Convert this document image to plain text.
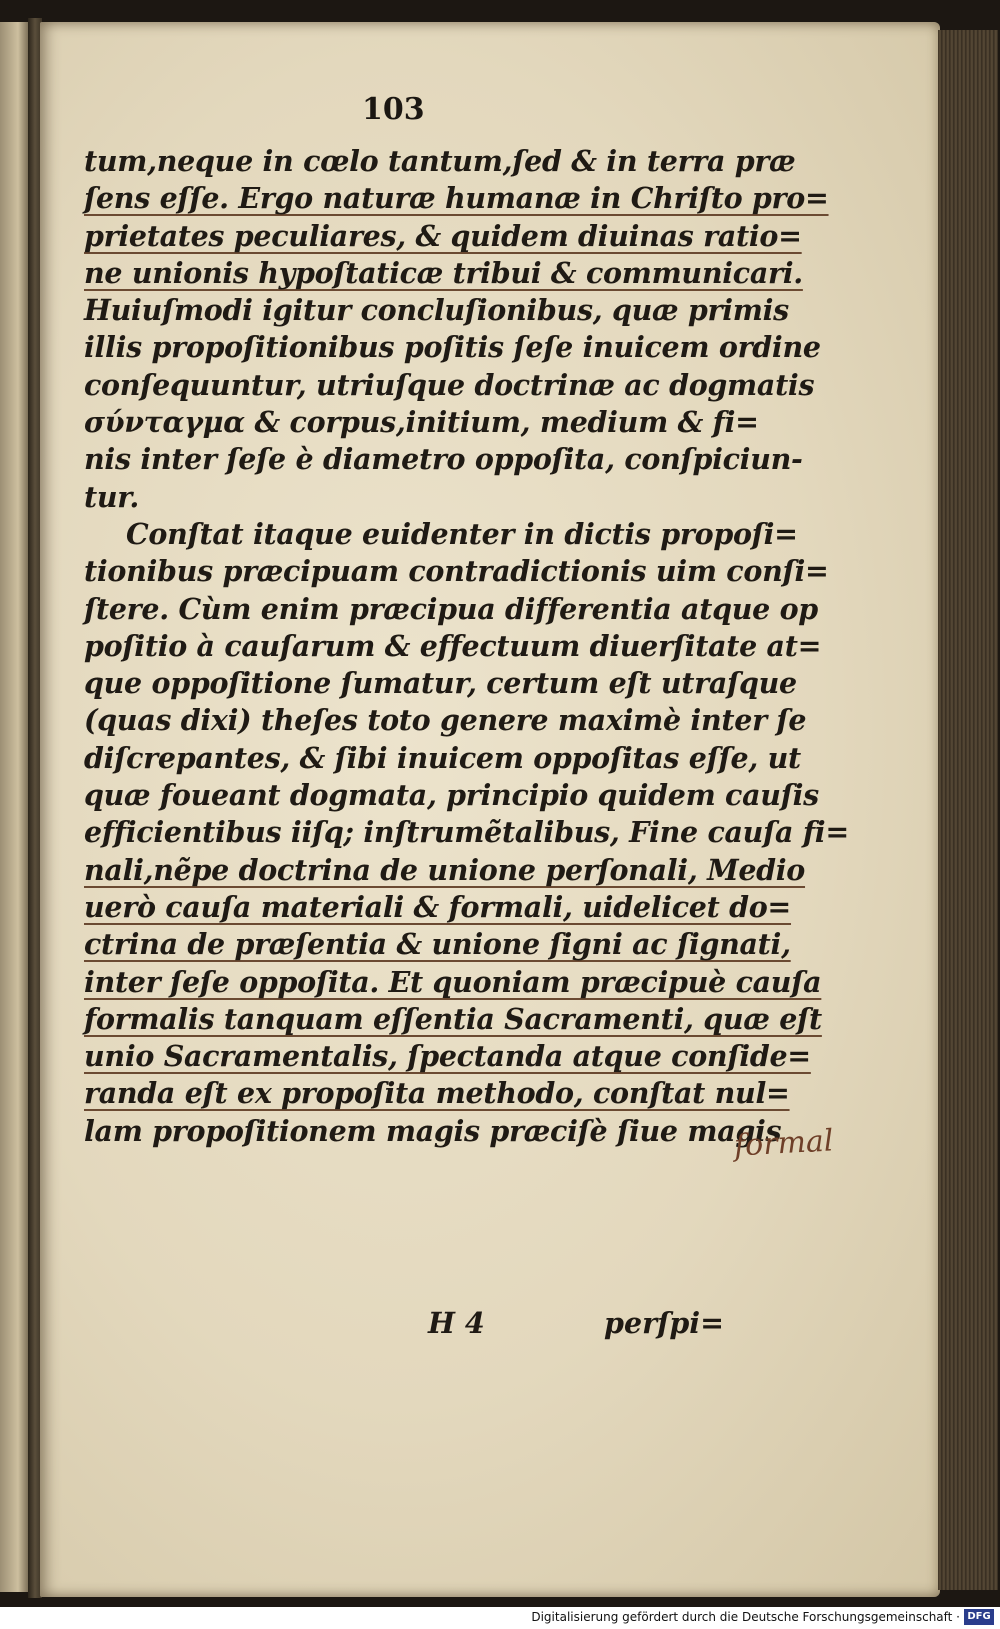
103
tum,neque in cœlo tantum,ſed & in terra præ
ſens eſſe. Ergo naturæ humanæ in Chriſto pro=
prietates peculiares, & quidem diuinas ratio=
ne unionis hypoſtaticæ tribui & communicari.
Huiuſmodi igitur concluſionibus, quæ primis
illis propoſitionibus poſitis ſeſe inuicem ordine
conſequuntur, utriuſque doctrinæ ac dogmatis
σύνταγμα & corpus,initium, medium & fi=
nis inter ſeſe è diametro oppoſita, conſpiciun-
tur.
Conſtat itaque euidenter in dictis propoſi=
tionibus præcipuam contradictionis uim conſi=
ſtere. Cùm enim præcipua differentia atque op
poſitio à cauſarum & effectuum diuerſitate at=
que oppoſitione ſumatur, certum eſt utraſque
(quas dixi) theſes toto genere maximè inter ſe
diſcrepantes, & ſibi inuicem oppoſitas eſſe, ut
quæ foueant dogmata, principio quidem cauſis
efficientibus iiſq; inſtrumẽtalibus, Fine cauſa fi=
nali,nẽpe doctrina de unione perſonali, Medio
uerò cauſa materiali & formali, uidelicet do=
ctrina de præſentia & unione ſigni ac ſignati,
inter ſeſe oppoſita. Et quoniam præcipuè cauſa
formalis tanquam eſſentia Sacramenti, quæ eſt
unio Sacramentalis, ſpectanda atque conſide=
randa eſt ex propoſita methodo, conſtat nul=
lam propoſitionem magis præciſè ſiue magis
H 4	perſpi=
formal
Digitalisierung gefördert durch die Deutsche Forschungsgemeinschaft · DFG
